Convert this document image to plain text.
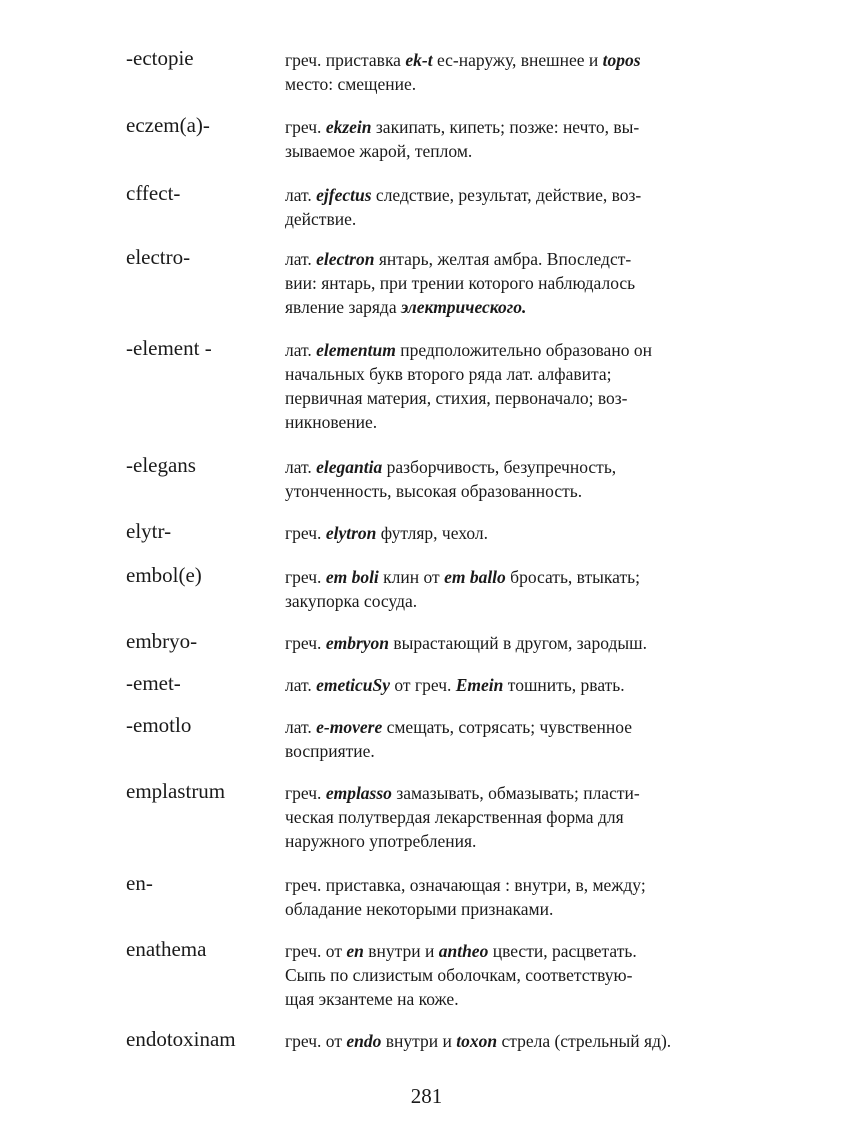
-ectopie	греч. приставка ek-t ес-наружу, внешнее и topos
место: смещение.
eczem(a)-	греч. ekzein закипать, кипеть; позже: нечто, вы-
зываемое жарой, теплом.
cffect-	лат. ejfectus следствие, результат, действие, воз-
действие.
electro-	лат. electron янтарь, желтая амбра. Впоследст-
вии: янтарь, при трении которого наблюдалось
явление заряда электрического.
-element -	лат. elementum предположительно образовано он
начальных букв второго ряда лат. алфавита;
первичная материя, стихия, первоначало; воз-
никновение.
-elegans	лат. elegantia разборчивость, безупречность,
утонченность, высокая образованность.
elytr-	греч. elytron футляр, чехол.
embol(e)	греч. em boli клин от em ballo бросать, втыкать;
закупорка сосуда.
embryo-	греч. embryon вырастающий в другом, зародыш.
-emet-	лат. emeticuSy от греч. Emein тошнить, рвать.
-emotlo	лат. e-movere смещать, сотрясать; чувственное
восприятие.
emplastrum	греч. emplasso замазывать, обмазывать; пласти-
ческая полутвердая лекарственная форма для
наружного употребления.
en-	греч. приставка, означающая : внутри, в, между;
обладание некоторыми признаками.
enathema	греч. от en внутри и antheo цвести, расцветать.
Сыпь по слизистым оболочкам, соответствую-
щая экзантеме на коже.
endotoxinam	греч. от endo внутри и toxon стрела (стрельный яд).
281
